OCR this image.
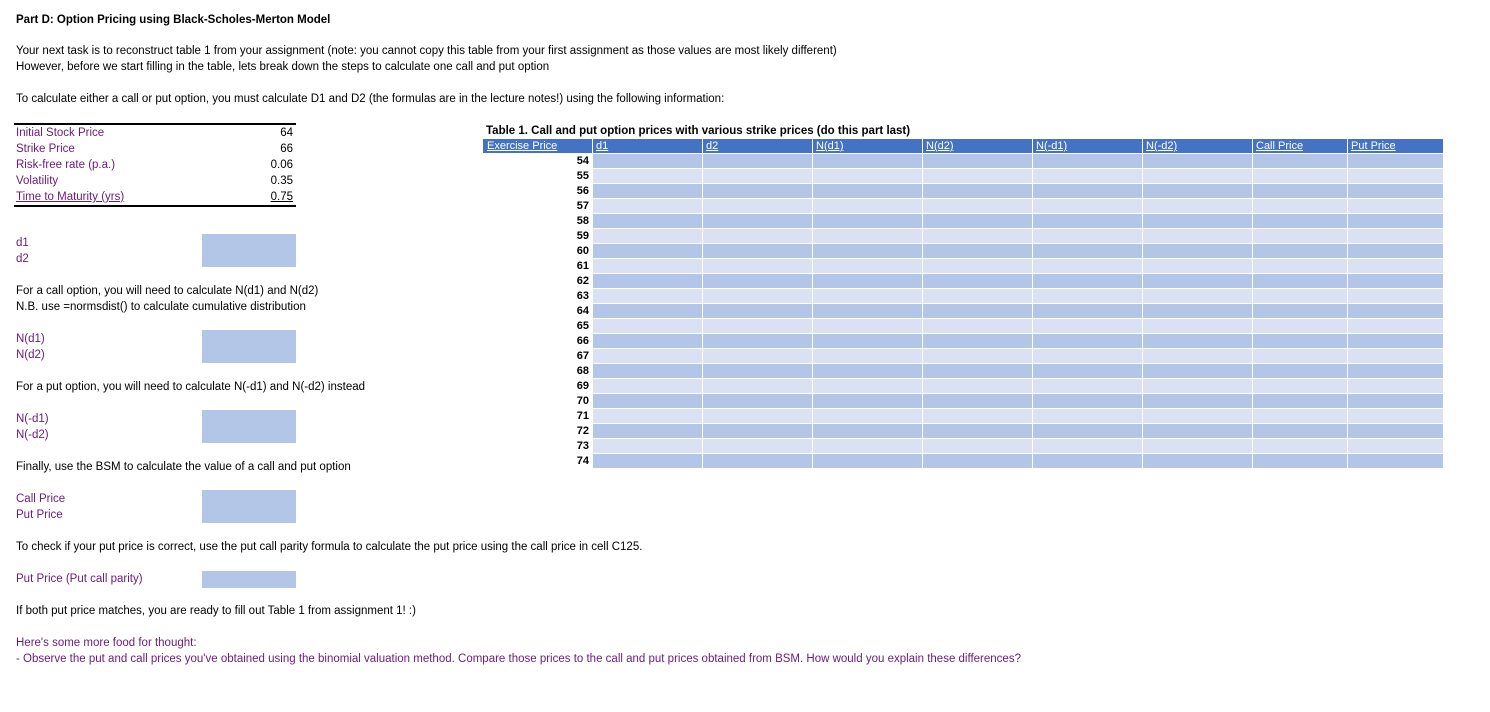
Part D: Option Pricing using Black-Scholes-Merton Model
Your next task is to reconstruct table 1 from your assignment (note: you cannot copy this table from your first assignment as those values are most likely different)
However, before we start filling in the table, lets break down the steps to calculate one call and put option
To calculate either a call or put option, you must calculate D1 and D2 (the formulas are in the lecture notes!) using the following information:
Initial Stock Price	64
Strike Price	66
Risk-free rate (p.a.)	0.06
Volatility	0.35
Time to Maturity (yrs)	0.75
d1
d2
For a call option, you will need to calculate N(d1) and N(d2)
N.B. use =normsdist() to calculate cumulative distribution
N(d1)
N(d2)
For a put option, you will need to calculate N(-d1) and N(-d2) instead
N(-d1)
N(-d2)
Finally, use the BSM to calculate the value of a call and put option
Call Price
Put Price
To check if your put price is correct, use the put call parity formula to calculate the put price using the call price in cell C125.
Put Price (Put call parity)
If both put price matches, you are ready to fill out Table 1 from assignment 1! :)
Here's some more food for thought:
- Observe the put and call prices you've obtained using the binomial valuation method. Compare those prices to the call and put prices obtained from BSM. How would you explain these differences?
Table 1. Call and put option prices with various strike prices (do this part last)
Exercise Price	d1	d2	N(d1)	N(d2)	N(-d1)	N(-d2)	Call Price	Put Price
54								
55								
56								
57								
58								
59								
60								
61								
62								
63								
64								
65								
66								
67								
68								
69								
70								
71								
72								
73								
74								
